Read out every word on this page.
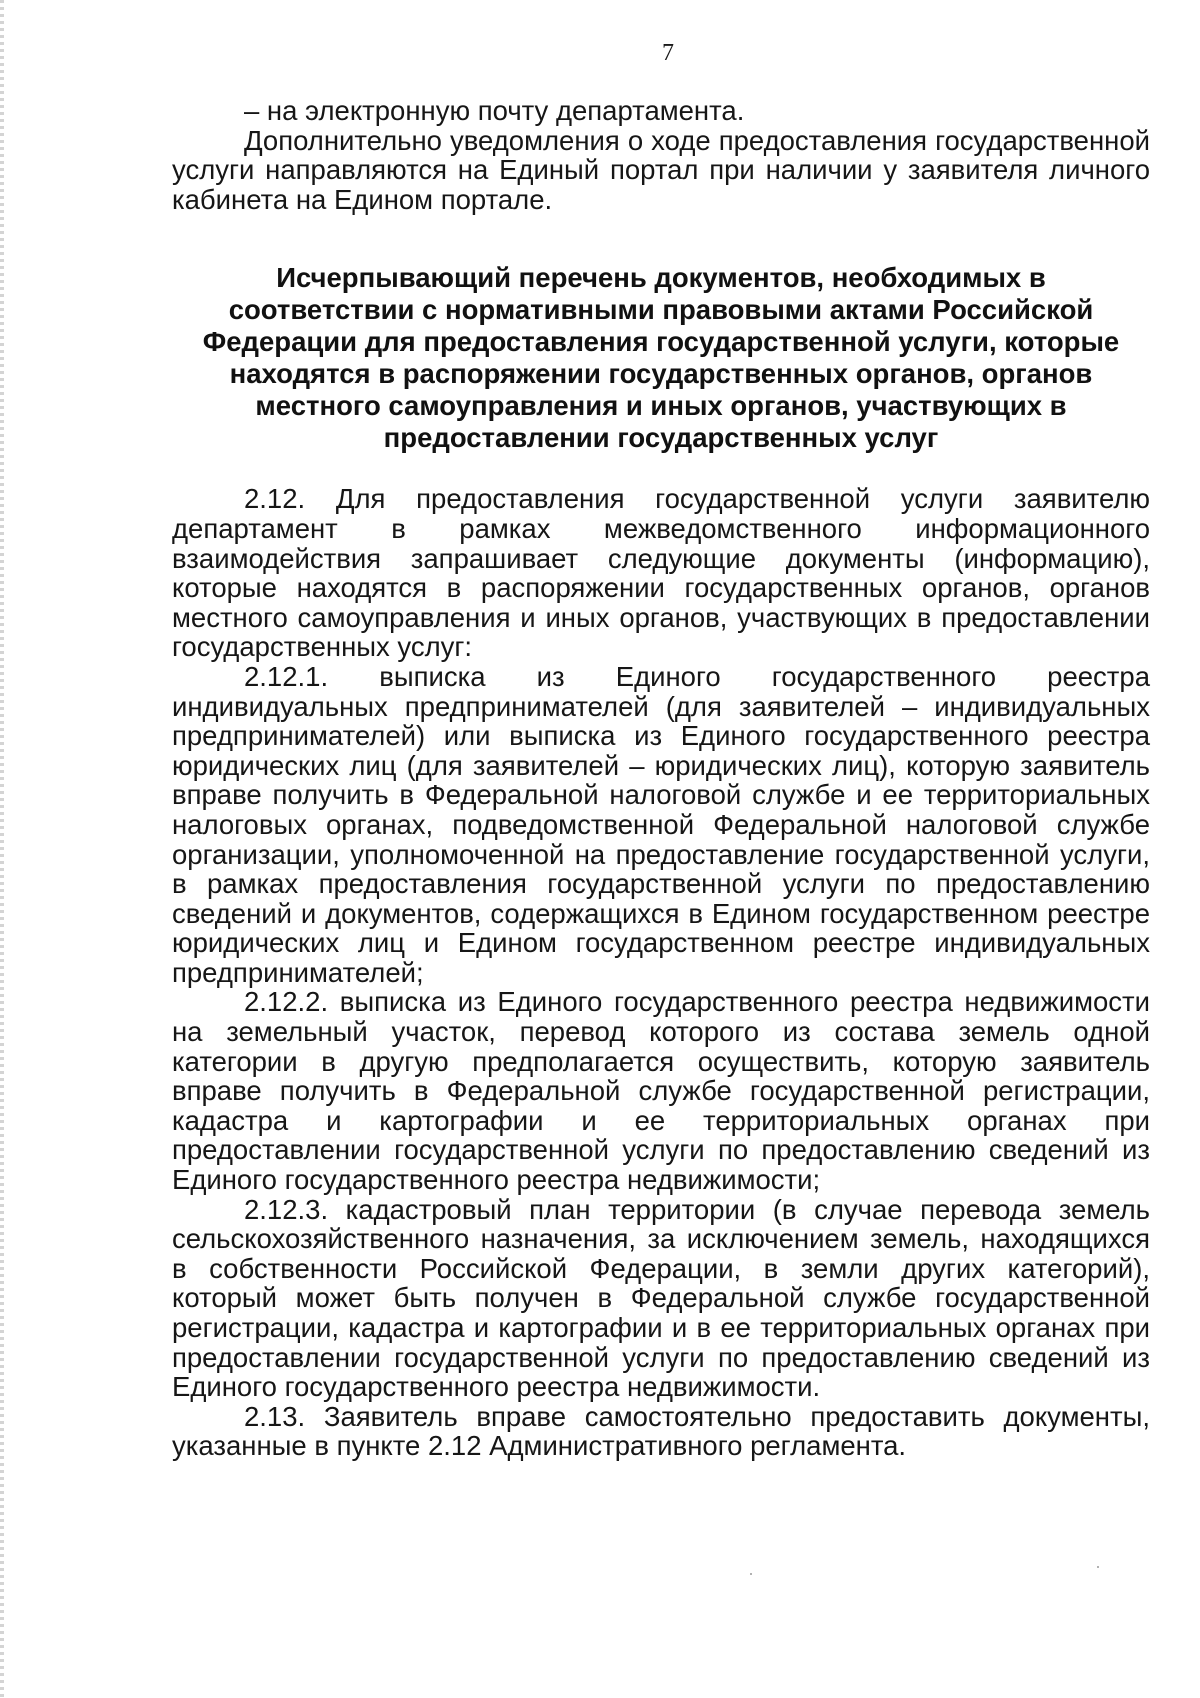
7

– на электронную почту департамента.

Дополнительно уведомления о ходе предоставления государственной услуги направляются на Единый портал при наличии у заявителя личного кабинета на Едином портале.

Исчерпывающий перечень документов, необходимых в соответствии с нормативными правовыми актами Российской Федерации для предоставления государственной услуги, которые находятся в распоряжении государственных органов, органов местного самоуправления и иных органов, участвующих в предоставлении государственных услуг

2.12. Для предоставления государственной услуги заявителю департамент в рамках межведомственного информационного взаимодействия запрашивает следующие документы (информацию), которые находятся в распоряжении государственных органов, органов местного самоуправления и иных органов, участвующих в предоставлении государственных услуг:

2.12.1. выписка из Единого государственного реестра индивидуальных предпринимателей (для заявителей – индивидуальных предпринимателей) или выписка из Единого государственного реестра юридических лиц (для заявителей – юридических лиц), которую заявитель вправе получить в Федеральной налоговой службе и ее территориальных налоговых органах, подведомственной Федеральной налоговой службе организации, уполномоченной на предоставление государственной услуги, в рамках предоставления государственной услуги по предоставлению сведений и документов, содержащихся в Едином государственном реестре юридических лиц и Едином государственном реестре индивидуальных предпринимателей;

2.12.2. выписка из Единого государственного реестра недвижимости на земельный участок, перевод которого из состава земель одной категории в другую предполагается осуществить, которую заявитель вправе получить в Федеральной службе государственной регистрации, кадастра и картографии и ее территориальных органах при предоставлении государственной услуги по предоставлению сведений из Единого государственного реестра недвижимости;

2.12.3. кадастровый план территории (в случае перевода земель сельскохозяйственного назначения, за исключением земель, находящихся в собственности Российской Федерации, в земли других категорий), который может быть получен в Федеральной службе государственной регистрации, кадастра и картографии и в ее территориальных органах при предоставлении государственной услуги по предоставлению сведений из Единого государственного реестра недвижимости.

2.13. Заявитель вправе самостоятельно предоставить документы, указанные в пункте 2.12 Административного регламента.
